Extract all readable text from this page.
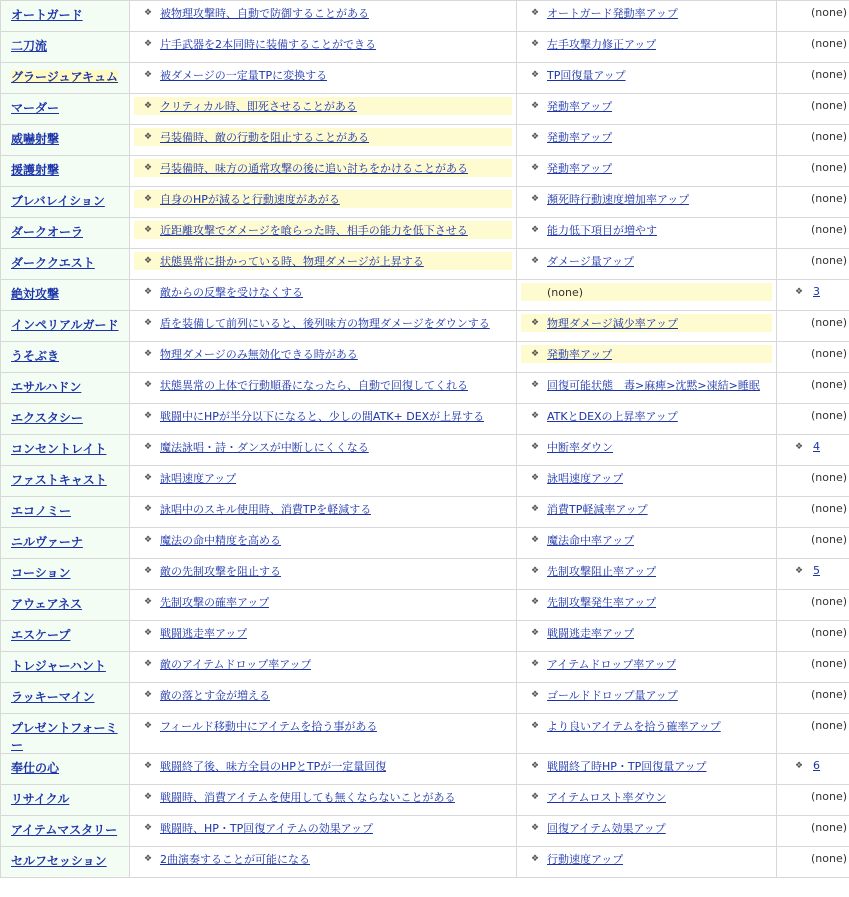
オートガード	❖ 被物理攻撃時、自動で防御することがある	❖ オートガード発動率アップ	(none)
二刀流	❖ 片手武器を2本同時に装備することができる	❖ 左手攻撃力修正アップ	(none)
グラージュアキュム	❖ 被ダメージの一定量TPに変換する	❖ TP回復量アップ	(none)
マーダー	❖ クリティカル時、即死させることがある	❖ 発動率アップ	(none)
威嚇射撃	❖ 弓装備時、敵の行動を阻止することがある	❖ 発動率アップ	(none)
援護射撃	❖ 弓装備時、味方の通常攻撃の後に追い討ちをかけることがある	❖ 発動率アップ	(none)
ブレバレイション	❖ 自身のHPが減ると行動速度があがる	❖ 瀕死時行動速度増加率アップ	(none)
ダークオーラ	❖ 近距離攻撃でダメージを喰らった時、相手の能力を低下させる	❖ 能力低下項目が増やす	(none)
ダーククエスト	❖ 状態異常に掛かっている時、物理ダメージが上昇する	❖ ダメージ量アップ	(none)
絶対攻撃	❖ 敵からの反撃を受けなくする	(none)	❖ 3

インペリアルガード	❖ 盾を装備して前列にいると、後列味方の物理ダメージをダウンする	❖ 物理ダメージ減少率アップ	(none)
うそぶき	❖ 物理ダメージのみ無効化できる時がある	❖ 発動率アップ	(none)
エサルハドン	❖ 状態異常の上体で行動順番になったら、自動で回復してくれる	❖ 回復可能状態　毒>麻痺>沈黙>凍結>睡眠	(none)
エクスタシー	❖ 戦闘中にHPが半分以下になると、少しの間ATK+ DEXが上昇する	❖ ATKとDEXの上昇率アップ	(none)
コンセントレイト	❖ 魔法詠唱・詩・ダンスが中断しにくくなる	❖ 中断率ダウン	❖ 4

ファストキャスト	❖ 詠唱速度アップ	❖ 詠唱速度アップ	(none)
エコノミー	❖ 詠唱中のスキル使用時、消費TPを軽減する	❖ 消費TP軽減率アップ	(none)
ニルヴァーナ	❖ 魔法の命中精度を高める	❖ 魔法命中率アップ	(none)
コーション	❖ 敵の先制攻撃を阻止する	❖ 先制攻撃阻止率アップ	❖ 5

アウェアネス	❖ 先制攻撃の確率アップ	❖ 先制攻撃発生率アップ	(none)
エスケープ	❖ 戦闘逃走率アップ	❖ 戦闘逃走率アップ	(none)
トレジャーハント	❖ 敵のアイテムドロップ率アップ	❖ アイテムドロップ率アップ	(none)
ラッキーマイン	❖ 敵の落とす金が増える	❖ ゴールドドロップ量アップ	(none)
プレゼントフォーミー	❖ フィールド移動中にアイテムを拾う事がある	❖ より良いアイテムを拾う確率アップ	(none)
奉仕の心	❖ 戦闘終了後、味方全員のHPとTPが一定量回復	❖ 戦闘終了時HP・TP回復量アップ	❖ 6

リサイクル	❖ 戦闘時、消費アイテムを使用しても無くならないことがある	❖ アイテムロスト率ダウン	(none)
アイテムマスタリー	❖ 戦闘時、HP・TP回復アイテムの効果アップ	❖ 回復アイテム効果アップ	(none)
セルフセッション	❖ 2曲演奏することが可能になる	❖ 行動速度アップ	(none)
